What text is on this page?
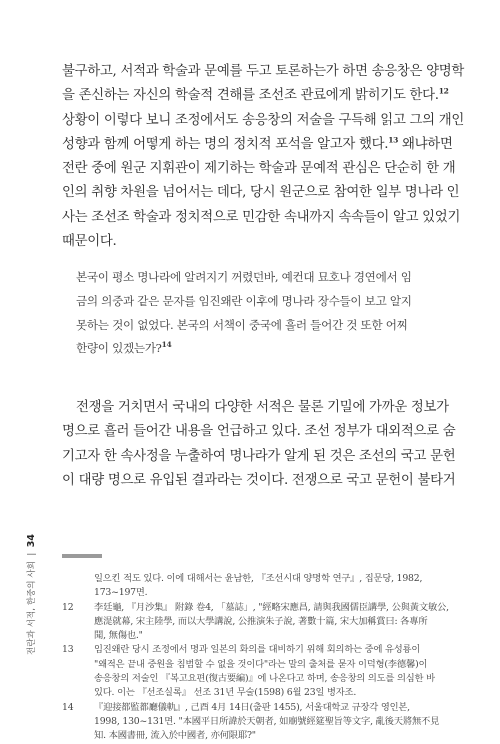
불구하고, 서적과 학술과 문예를 두고 토론하는가 하면 송응창은 양명학
을 존신하는 자신의 학술적 견해를 조선조 관료에게 밝히기도 한다.$^{12}$
상황이 이렇다 보니 조정에서도 송응창의 저술을 구득해 읽고 그의 개인
성향과 함께 어떻게 하는 명의 정치적 포석을 알고자 했다.$^{13}$ 왜냐하면
전란 중에 원군 지휘관이 제기하는 학술과 문예적 관심은 단순히 한 개
인의 취향 차원을 넘어서는 데다, 당시 원군으로 참여한 일부 명나라 인
사는 조선조 학술과 정치적으로 민감한 속내까지 속속들이 알고 있었기
때문이다.
본국이 평소 명나라에 알려지기 꺼렸던바, 예컨대 묘호나 경연에서 임
금의 의중과 같은 문자를 임진왜란 이후에 명나라 장수들이 보고 알지
못하는 것이 없었다. 본국의 서책이 중국에 흘러 들어간 것 또한 어찌
한량이 있겠는가?$^{14}$
전쟁을 거치면서 국내의 다양한 서적은 물론 기밀에 가까운 정보가
명으로 흘러 들어간 내용을 언급하고 있다. 조선 정부가 대외적으로 숨
기고자 한 속사정을 누출하여 명나라가 알게 된 것은 조선의 국고 문헌
이 대량 명으로 유입된 결과라는 것이다. 전쟁으로 국고 문헌이 불타거
일으킨 적도 있다. 이에 대해서는 윤남한, 『조선시대 양명학 연구』, 집문당, 1982,
173~197면.
12 李廷龜, 『月沙集』 附錄 卷4, 「墓誌」, "經略宋應昌, 請與我國儒臣講學, 公與黃文敏公,
應湜就幕, 宋主陸學, 而以大學講說, 公推演朱子說, 著數十篇, 宋大加稱賞曰: 各專所
聞, 無傷也."
13 임진왜란 당시 조정에서 명과 일본의 화의를 대비하기 위해 회의하는 중에 유성룡이
"왜적은 끝내 중원을 침범할 수 없을 것이다"라는 말의 출처를 묻자 이덕형(李德馨)이
송응창의 저술인 『복고요편(復古要編)』에 나온다고 하며, 송응창의 의도를 의심한 바
있다. 이는 『선조실록』 선조 31년 무술(1598) 6월 23일 병자조.
14 『迎接都監都廳儀軌』, 己酉 4月 14日(출판 1455), 서울대학교 규장각 영인본,
1998, 130~131면. "本國平日所諱於天朝者, 如廟號經筵聖旨等文字, 亂後天將無不見
知. 本國書冊, 流入於中國者, 亦何限耶?"
전란과 서적, 한중의 사회  |  34
